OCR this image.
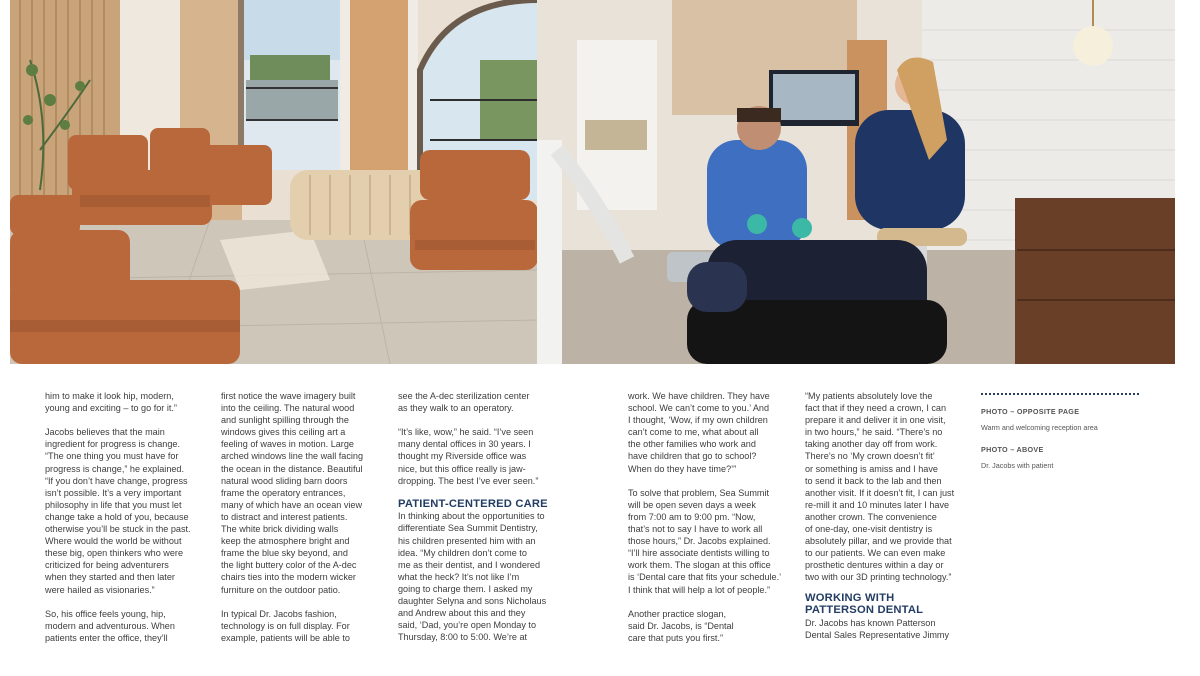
him to make it look hip, modern,
young and exciting – to go for it.”

Jacobs believes that the main
ingredient for progress is change.
“The one thing you must have for
progress is change,” he explained.
“If you don’t have change, progress
isn’t possible. It’s a very important
philosophy in life that you must let
change take a hold of you, because
otherwise you’ll be stuck in the past.
Where would the world be without
these big, open thinkers who were
criticized for being adventurers
when they started and then later
were hailed as visionaries.”

So, his office feels young, hip,
modern and adventurous. When
patients enter the office, they’ll

first notice the wave imagery built
into the ceiling. The natural wood
and sunlight spilling through the
windows gives this ceiling art a
feeling of waves in motion. Large
arched windows line the wall facing
the ocean in the distance. Beautiful
natural wood sliding barn doors
frame the operatory entrances,
many of which have an ocean view
to distract and interest patients.
The white brick dividing walls
keep the atmosphere bright and
frame the blue sky beyond, and
the light buttery color of the A-dec
chairs ties into the modern wicker
furniture on the outdoor patio.

In typical Dr. Jacobs fashion,
technology is on full display. For
example, patients will be able to

see the A-dec sterilization center
as they walk to an operatory.

“It’s like, wow,” he said. “I’ve seen
many dental offices in 30 years. I
thought my Riverside office was
nice, but this office really is jaw-
dropping. The best I’ve ever seen.”

PATIENT-CENTERED CARE

In thinking about the opportunities to
differentiate Sea Summit Dentistry,
his children presented him with an
idea. “My children don’t come to
me as their dentist, and I wondered
what the heck? It’s not like I’m
going to charge them. I asked my
daughter Selyna and sons Nicholaus
and Andrew about this and they
said, ‘Dad, you’re open Monday to
Thursday, 8:00 to 5:00. We’re at

work. We have children. They have
school. We can’t come to you.’ And
I thought, ‘Wow, if my own children
can’t come to me, what about all
the other families who work and
have children that go to school?
When do they have time?’”

To solve that problem, Sea Summit
will be open seven days a week
from 7:00 am to 9:00 pm. “Now,
that’s not to say I have to work all
those hours,” Dr. Jacobs explained.
“I’ll hire associate dentists willing to
work them. The slogan at this office
is ‘Dental care that fits your schedule.’
I think that will help a lot of people.”

Another practice slogan,
said Dr. Jacobs, is “Dental
care that puts you first.”

“My patients absolutely love the
fact that if they need a crown, I can
prepare it and deliver it in one visit,
in two hours,” he said. “There’s no
taking another day off from work.
There’s no ‘My crown doesn’t fit’
or something is amiss and I have
to send it back to the lab and then
another visit. If it doesn’t fit, I can just
re-mill it and 10 minutes later I have
another crown. The convenience
of one-day, one-visit dentistry is
absolutely pillar, and we provide that
to our patients. We can even make
prosthetic dentures within a day or
two with our 3D printing technology.”

WORKING WITH
PATTERSON DENTAL

Dr. Jacobs has known Patterson
Dental Sales Representative Jimmy

PHOTO – OPPOSITE PAGE

Warm and welcoming reception area

PHOTO – ABOVE

Dr. Jacobs with patient
